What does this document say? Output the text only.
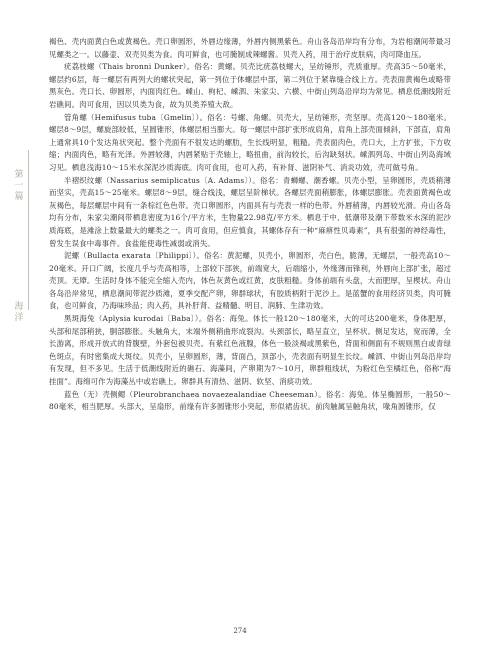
第一篇
海洋

褐色、壳内面黄白色或黄褐色。壳口卵圆形，外唇边缘薄，外唇内侧黑紫色。舟山各岛沿岸均有分布，为岩相潮间带最习见螺类之一。以藤壶、双壳贝类为食。肉可鲜食，也可腌制成辣螺酱。贝壳入药，用于治疗皮肤病，肉可降血压。

疣荔枝螺（Thais bronni Dunker）。俗名：黄螺。贝壳比疣荔枝螺大，呈纺锤形，壳质重厚。壳高35～50毫米，螺层约6层，每一螺层有两列大的螺状突起，第一列位于体螺层中部，第二列位于紧靠缝合线上方。壳表面黄褐色或略带黑灰色。壳口长、卵圆形，内面肉红色。嵊山、枸杞、嵊泗、朱家尖、六横、中街山列岛沿岸均为常见。栖息低潮线附近岩礁间。肉可食用，因以贝类为食，故为贝类养殖大敌。

管角螺（Hemifusus tuba〔Gmelin〕）。俗名：号螺、角螺。贝壳大，呈纺锤形，壳坚厚。壳高120～180毫米。螺层8～9层，螺旋部较低，呈圆锥形，体螺层相当膨大。每一螺层中部扩张形成肩角，肩角上部壳面倾斜，下部直，肩角上通常具10个发达角状突起。整个壳面有不很发达的螺肋，生长线明显，粗糙。壳表面肉色，壳口大，上方扩张，下方收缩；内面肉色，略有光泽。外唇较薄，内唇紧贴于壳轴上，略扭曲，前沟较长，后沟缺刻状。嵊泗列岛、中街山列岛海域习见。栖息浅海10～15米水深泥沙质海底。肉可食用，也可入药，有补肾、滋阴补气、消炎功效，壳可做号角。

半褶织纹螺（Nassarius semiplicatus〔A. Adams〕）。俗名：青蛳螺、潮香螺。贝壳小型，呈卵圆形，壳质稍薄而坚实，壳高15～25毫米。螺层8～9层，缝合线浅，螺层呈阶梯状。各螺层壳面稍膨胀，体螺层膨胀。壳表面黄褐色或灰褐色，每层螺层中间有一条棕红色色带。壳口卵圆形，内面具有与壳表一样的色带。外唇稍薄，内唇较光滑。舟山各岛均有分布，朱家尖潮间带栖息密度为16个/平方米，生物量22.98克/平方米。栖息于中、低潮带及潮下带数米水深的泥沙质海底，是滩涂上数量最大的螺类之一。肉可食用，但应慎食，其螺体存有一种“麻痹性贝毒素”，具有很强的神经毒性，曾发生误食中毒事件。食盐能使毒性减弱或消失。

泥螺（Bullacta exarata〔Philippi〕）。俗名：黄泥螺，贝壳小，卵圆形，壳白色，脆薄，无螺层，一般壳高10～20毫米。开口广阔，长度几乎与壳高相等，上部较下部狭，前端宽大，后端缩小，外缘薄而锋利，外唇向上部扩张，超过壳顶。无厣。生活时身体不能完全缩入壳内，体色灰黄色或红黄，皮肤粗糙。身体前端有头盘，大而肥厚，呈楔状。舟山各岛沿岸常见，栖息潮间带泥沙质滩，夏季交配产卵，卵群球状，有胶质柄附于泥沙上。是蓝蟹的食用经济贝类，肉可腌食，也可鲜食，乃海味珍品；肉入药，具补肝肾、益精髓、明目、润肺、生津功效。

黑斑海兔（Aplysia kurodai〔Baba〕）。俗名：海兔。体长一般120～180毫米，大的可达200毫米，身体肥厚，头部和尾部稍狭，胴部膨胀。头触角大，末端外侧稍曲形成裂沟。头颈部长，略呈直立，呈杯状。侧足发达，宽而薄，全长游离，形成开放式的背腹壁，外套包被贝壳。有紫红色液腺，体色一般淡褐或黑紫色，背面和侧面有不规则黑白或青绿色斑点，有时密集成大斑纹。贝壳小，呈卵圆形，薄，背面凸，顶部小，壳表面有明显生长纹。嵊泗、中街山列岛沿岸均有发现，但不多见。生活于低潮线附近的礁石、海藻间，产卵期为7～10月，卵群粗线状，为粉红色至橘红色，俗称“海挂面”。海绵可作为海藻丛中或岩礁上。卵群具有清热、滋阴、软坚、消痰功效。

蓝色（无）壳侧鳃（Pleurobranchaea novaezealandiae Cheeseman）。俗名：海兔。体呈椭圆形，一般50～80毫米，相当肥厚。头部大，呈扇形，前缘有许多圆锥形小突起，形似裙齿状。前肉触属呈触角状，喙角圆锥形，仅

274
